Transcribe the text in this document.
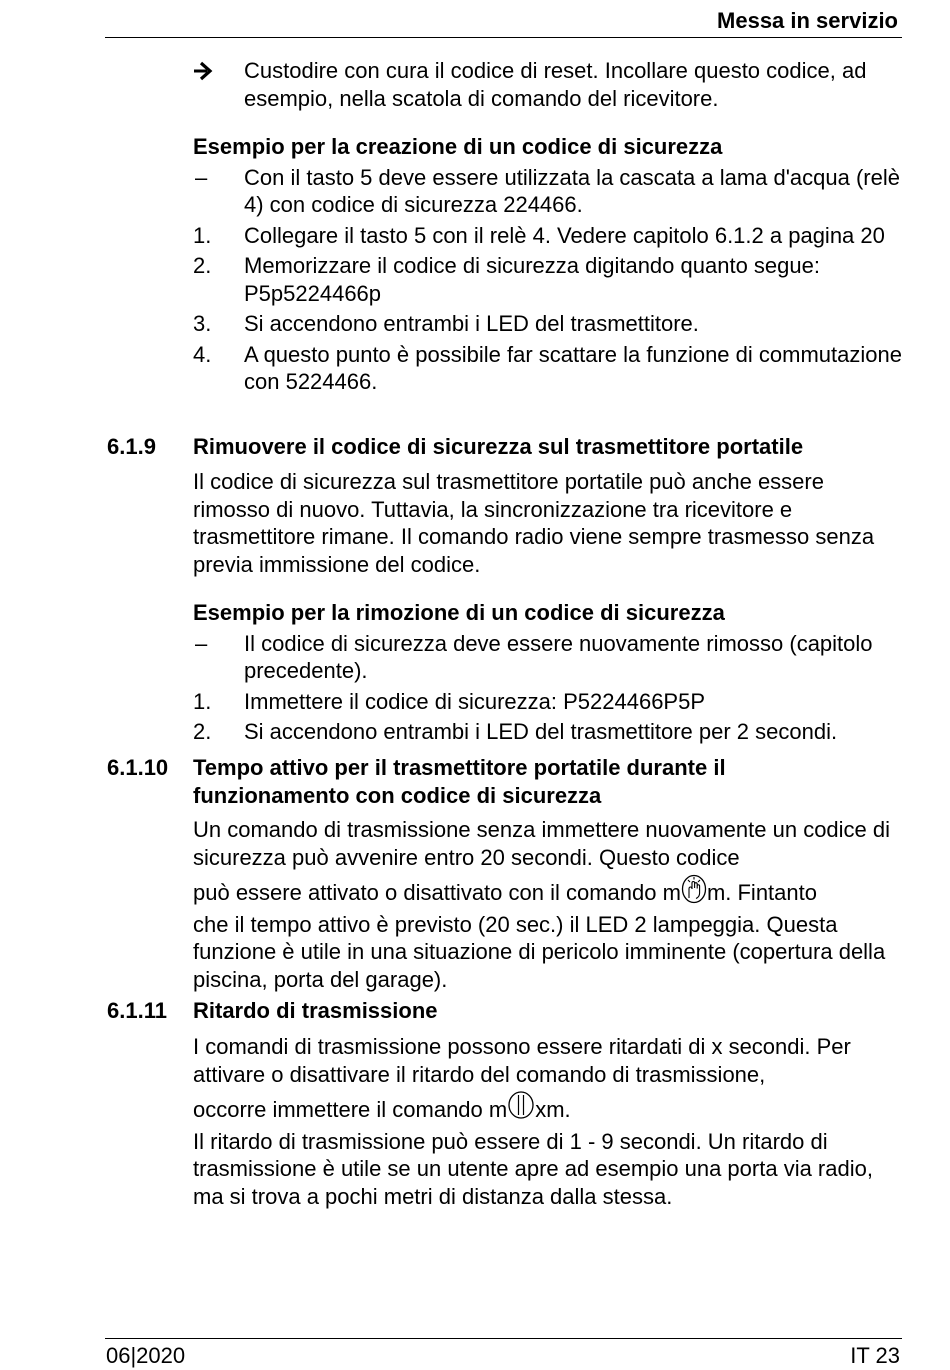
Messa in servizio
Custodire con cura il codice di reset. Incollare questo codice, ad esempio, nella scatola di comando del ricevitore.
Esempio per la creazione di un codice di sicurezza
–	Con il tasto 5 deve essere utilizzata la cascata a lama d'acqua (relè 4) con codice di sicurezza 224466.
1.	Collegare il tasto 5 con il relè 4. Vedere capitolo 6.1.2 a pagina 20
2.	Memorizzare il codice di sicurezza digitando quanto segue: P5p5224466p
3.	Si accendono entrambi i LED del trasmettitore.
4.	A questo punto è possibile far scattare la funzione di commutazione con 5224466.
6.1.9 Rimuovere il codice di sicurezza sul trasmettitore portatile
Il codice di sicurezza sul trasmettitore portatile può anche essere rimosso di nuovo. Tuttavia, la sincronizzazione tra ricevitore e trasmettitore rimane. Il comando radio viene sempre trasmesso senza previa immissione del codice.
Esempio per la rimozione di un codice di sicurezza
–	Il codice di sicurezza deve essere nuovamente rimosso (capitolo precedente).
1.	Immettere il codice di sicurezza: P5224466P5P
2.	Si accendono entrambi i LED del trasmettitore per 2 secondi.
6.1.10 Tempo attivo per il trasmettitore portatile durante il
funzionamento con codice di sicurezza
Un comando di trasmissione senza immettere nuovamente un codice di sicurezza può avvenire entro 20 secondi. Questo codice
può essere attivato o disattivato con il comando m m. Fintanto
che il tempo attivo è previsto (20 sec.) il LED 2 lampeggia. Questa funzione è utile in una situazione di pericolo imminente (copertura della piscina, porta del garage).
6.1.11 Ritardo di trasmissione
I comandi di trasmissione possono essere ritardati di x secondi. Per attivare o disattivare il ritardo del comando di trasmissione,
occorre immettere il comando m xm.
Il ritardo di trasmissione può essere di 1 - 9 secondi. Un ritardo di trasmissione è utile se un utente apre ad esempio una porta via radio, ma si trova a pochi metri di distanza dalla stessa.
06|2020	IT 23
